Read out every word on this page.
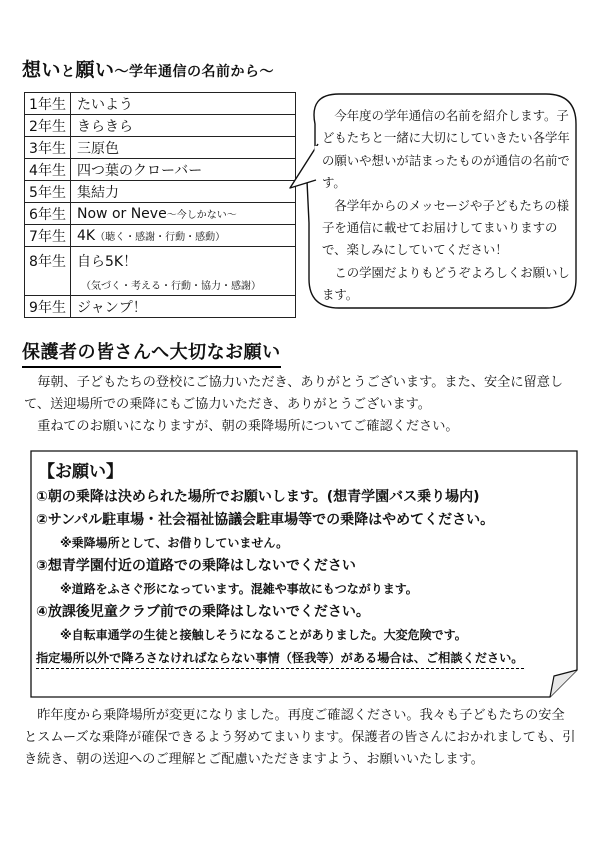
想いと願い～学年通信の名前から～
1年生	たいよう
2年生	きらきら
3年生	三原色
4年生	四つ葉のクローバー
5年生	集結力
6年生	Now or Neve～今しかない～
7年生	4K（聴く・感謝・行動・感動）
8年生	自ら5K！
（気づく・考える・行動・協力・感謝）

9年生	ジャンプ！

今年度の学年通信の名前を紹介します。子どもたちと一緒に大切にしていきたい各学年の願いや想いが詰まったものが通信の名前です。

各学年からのメッセージや子どもたちの様子を通信に載せてお届けしてまいりますので、楽しみにしていてください！

この学園だよりもどうぞよろしくお願いします。

保護者の皆さんへ大切なお願い

毎朝、子どもたちの登校にご協力いただき、ありがとうございます。また、安全に留意して、送迎場所での乗降にもご協力いただき、ありがとうございます。

重ねてのお願いになりますが、朝の乗降場所についてご確認ください。

【お願い】
①朝の乗降は決められた場所でお願いします。(想青学園バス乗り場内)
②サンパル駐車場・社会福祉協議会駐車場等での乗降はやめてください。
※乗降場所として、お借りしていません。
③想青学園付近の道路での乗降はしないでください
※道路をふさぐ形になっています。混雑や事故にもつながります。
④放課後児童クラブ前での乗降はしないでください。
※自転車通学の生徒と接触しそうになることがありました。大変危険です。
指定場所以外で降ろさなければならない事情（怪我等）がある場合は、ご相談ください。

昨年度から乗降場所が変更になりました。再度ご確認ください。我々も子どもたちの安全とスムーズな乗降が確保できるよう努めてまいります。保護者の皆さんにおかれましても、引き続き、朝の送迎へのご理解とご配慮いただきますよう、お願いいたします。
